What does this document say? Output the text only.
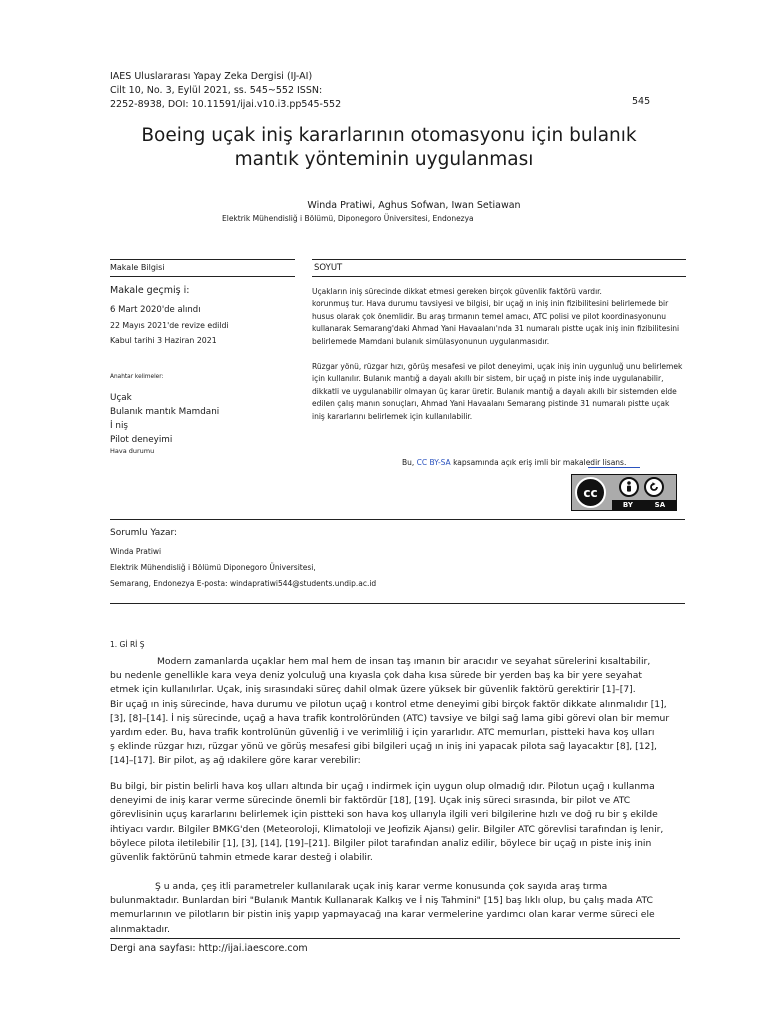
IAES Uluslararası Yapay Zeka Dergisi (IJ-AI)
Cilt 10, No. 3, Eylül 2021, ss. 545~552 ISSN:
2252-8938, DOI: 10.11591/ijai.v10.i3.pp545-552	545
Boeing uçak iniş kararlarının otomasyonu için bulanık
mantık yönteminin uygulanması
Winda Pratiwi, Aghus Sofwan, Iwan Setiawan
Elektrik Mühendisliğ i Bölümü, Diponegoro Üniversitesi, Endonezya
Makale Bilgisi	SOYUT
Makale geçmiş i:
6 Mart 2020'de alındı
22 Mayıs 2021'de revize edildi
Kabul tarihi 3 Haziran 2021
Anahtar kelimeler:
Uçak
Bulanık mantık Mamdani
İ niş
Pilot deneyimi
Hava durumu

Uçakların iniş sürecinde dikkat etmesi gereken birçok güvenlik faktörü vardır.

korunmuş tur. Hava durumu tavsiyesi ve bilgisi, bir uçağ ın iniş inin fizibilitesini belirlemede bir

husus olarak çok önemlidir. Bu araş tırmanın temel amacı, ATC polisi ve pilot koordinasyonunu

kullanarak Semarang'daki Ahmad Yani Havaalanı'nda 31 numaralı pistte uçak iniş inin fizibilitesini

belirlemede Mamdani bulanık simülasyonunun uygulanmasıdır.

Rüzgar yönü, rüzgar hızı, görüş mesafesi ve pilot deneyimi, uçak iniş inin uygunluğ unu belirlemek

için kullanılır. Bulanık mantığ a dayalı akıllı bir sistem, bir uçağ ın piste iniş inde uygulanabilir,

dikkatli ve uygulanabilir olmayan üç karar üretir. Bulanık mantığ a dayalı akıllı bir sistemden elde

edilen çalış manın sonuçları, Ahmad Yani Havaalanı Semarang pistinde 31 numaralı pistte uçak

iniş kararlarını belirlemek için kullanılabilir.

Bu, CC BY-SA kapsamında açık eriş imli bir makaledir lisans.
cc
BY	SA
Sorumlu Yazar:
Winda Pratiwi
Elektrik Mühendisliğ i Bölümü Diponegoro Üniversitesi,
Semarang, Endonezya E-posta: windapratiwi544@students.undip.ac.id
1. Gİ Rİ Ş

Modern zamanlarda uçaklar hem mal hem de insan taş ımanın bir aracıdır ve seyahat sürelerini kısaltabilir,

bu nedenle genellikle kara veya deniz yolculuğ una kıyasla çok daha kısa sürede bir yerden baş ka bir yere seyahat

etmek için kullanılırlar. Uçak, iniş sırasındaki süreç dahil olmak üzere yüksek bir güvenlik faktörü gerektirir [1]–[7].

Bir uçağ ın iniş sürecinde, hava durumu ve pilotun uçağ ı kontrol etme deneyimi gibi birçok faktör dikkate alınmalıdır [1],

[3], [8]–[14]. İ niş sürecinde, uçağ a hava trafik kontrolöründen (ATC) tavsiye ve bilgi sağ lama gibi görevi olan bir memur

yardım eder. Bu, hava trafik kontrolünün güvenliğ i ve verimliliğ i için yararlıdır. ATC memurları, pistteki hava koş ulları

ş eklinde rüzgar hızı, rüzgar yönü ve görüş mesafesi gibi bilgileri uçağ ın iniş ini yapacak pilota sağ layacaktır [8], [12],

[14]–[17]. Bir pilot, aş ağ ıdakilere göre karar verebilir:

Bu bilgi, bir pistin belirli hava koş ulları altında bir uçağ ı indirmek için uygun olup olmadığ ıdır. Pilotun uçağ ı kullanma

deneyimi de iniş karar verme sürecinde önemli bir faktördür [18], [19]. Uçak iniş süreci sırasında, bir pilot ve ATC

görevlisinin uçuş kararlarını belirlemek için pistteki son hava koş ullarıyla ilgili veri bilgilerine hızlı ve doğ ru bir ş ekilde

ihtiyacı vardır. Bilgiler BMKG'den (Meteoroloji, Klimatoloji ve Jeofizik Ajansı) gelir. Bilgiler ATC görevlisi tarafından iş lenir,

böylece pilota iletilebilir [1], [3], [14], [19]–[21]. Bilgiler pilot tarafından analiz edilir, böylece bir uçağ ın piste iniş inin

güvenlik faktörünü tahmin etmede karar desteğ i olabilir.

Ş u anda, çeş itli parametreler kullanılarak uçak iniş karar verme konusunda çok sayıda araş tırma

bulunmaktadır. Bunlardan biri "Bulanık Mantık Kullanarak Kalkış ve İ niş Tahmini" [15] baş lıklı olup, bu çalış mada ATC

memurlarının ve pilotların bir pistin iniş yapıp yapmayacağ ına karar vermelerine yardımcı olan karar verme süreci ele alınmaktadır.

Dergi ana sayfası: http://ijai.iaescore.com
